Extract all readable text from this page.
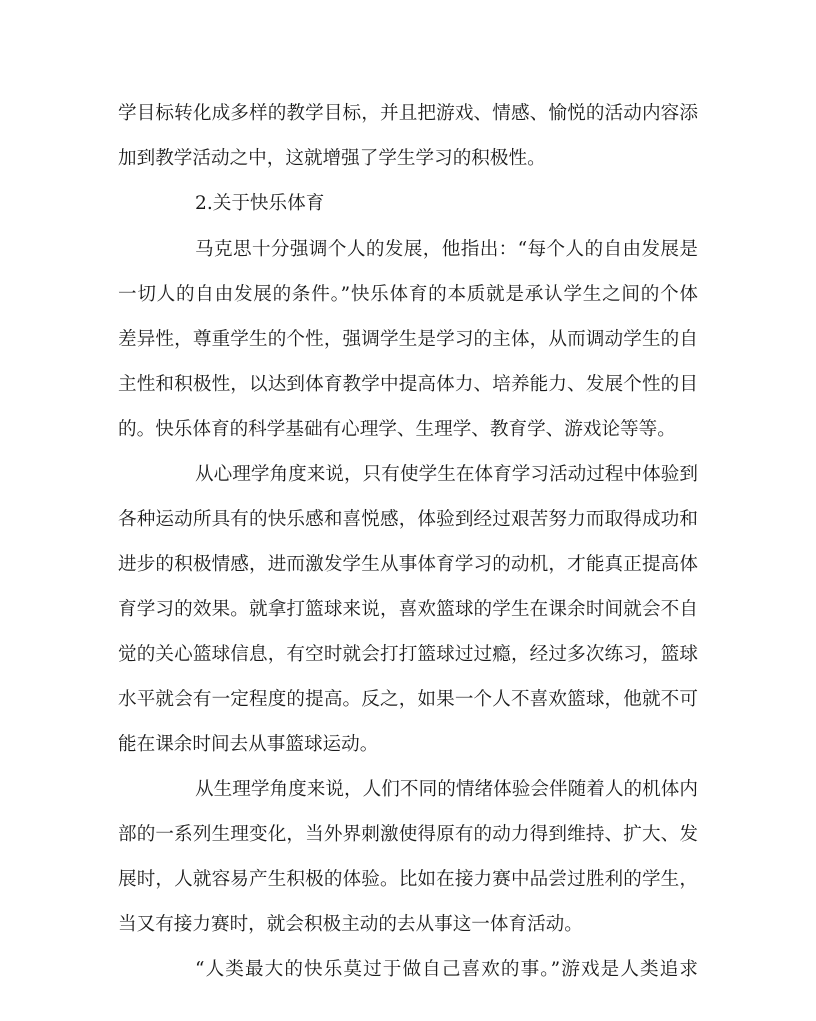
学目标转化成多样的教学目标，并且把游戏、情感、愉悦的活动内容添
加到教学活动之中，这就增强了学生学习的积极性。
2.关于快乐体育
马克思十分强调个人的发展，他指出：“每个人的自由发展是
一切人的自由发展的条件。”快乐体育的本质就是承认学生之间的个体
差异性，尊重学生的个性，强调学生是学习的主体，从而调动学生的自
主性和积极性，以达到体育教学中提高体力、培养能力、发展个性的目
的。快乐体育的科学基础有心理学、生理学、教育学、游戏论等等。
从心理学角度来说，只有使学生在体育学习活动过程中体验到
各种运动所具有的快乐感和喜悦感，体验到经过艰苦努力而取得成功和
进步的积极情感，进而激发学生从事体育学习的动机，才能真正提高体
育学习的效果。就拿打篮球来说，喜欢篮球的学生在课余时间就会不自
觉的关心篮球信息，有空时就会打打篮球过过瘾，经过多次练习，篮球
水平就会有一定程度的提高。反之，如果一个人不喜欢篮球，他就不可
能在课余时间去从事篮球运动。
从生理学角度来说，人们不同的情绪体验会伴随着人的机体内
部的一系列生理变化，当外界刺激使得原有的动力得到维持、扩大、发
展时，人就容易产生积极的体验。比如在接力赛中品尝过胜利的学生，
当又有接力赛时，就会积极主动的去从事这一体育活动。
“人类最大的快乐莫过于做自己喜欢的事。”游戏是人类追求
